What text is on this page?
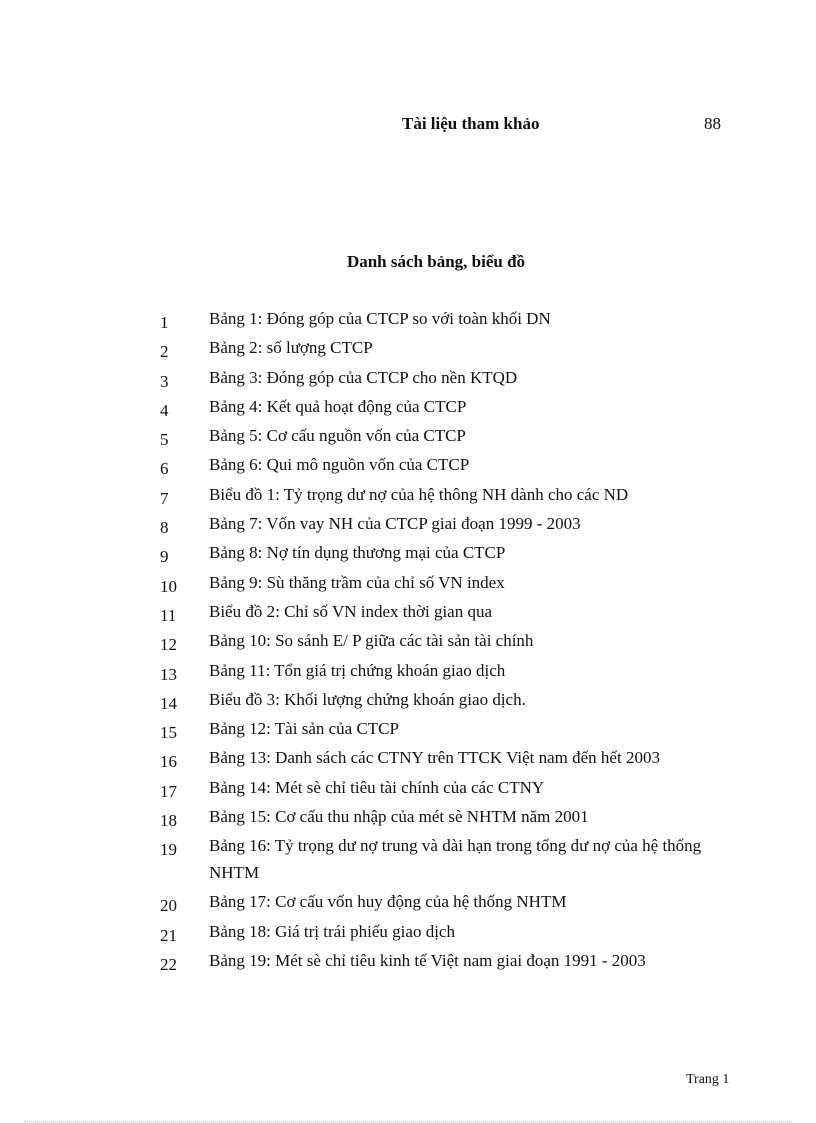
Tài liệu tham khảo	88
Danh sách bảng, biểu đồ
1 Bảng 1: Đóng góp của CTCP so với toàn khối DN
2 Bảng 2: số lượng CTCP
3 Bảng 3: Đóng góp của CTCP cho nền KTQD
4 Bảng 4: Kết quả hoạt động của CTCP
5 Bảng 5: Cơ cấu nguồn vốn của CTCP
6 Bảng 6: Qui mô nguồn vốn của CTCP
7 Biểu đồ 1: Tỷ trọng dư nợ của hệ thông NH dành cho các ND
8 Bảng 7: Vốn vay NH của CTCP giai đoạn 1999 - 2003
9 Bảng 8: Nợ tín dụng thương mại của CTCP
10 Bảng 9: Sù thăng trầm của chỉ số VN index
11 Biểu đồ 2: Chỉ số VN index thời gian qua
12 Bảng 10: So sánh E/ P giữa các tài sản tài chính
13 Bảng 11: Tổn giá trị chứng khoán giao dịch
14 Biểu đồ 3: Khối lượng chứng khoán giao dịch.
15 Bảng 12: Tài sản của CTCP
16 Bảng 13: Danh sách các CTNY trên TTCK Việt nam đến hết 2003
17 Bảng 14: Mét sè chỉ tiêu tài chính của các CTNY
18 Bảng 15: Cơ cấu thu nhập của mét sè NHTM năm 2001
19 Bảng 16: Tỷ trọng dư nợ trung và dài hạn trong tổng dư nợ của hệ thống NHTM
20 Bảng 17: Cơ cấu vốn huy động của hệ thống NHTM
21 Bảng 18: Giá trị trái phiếu giao dịch
22 Bảng 19: Mét sè chỉ tiêu kinh tế Việt nam giai đoạn 1991 - 2003
Trang 1
